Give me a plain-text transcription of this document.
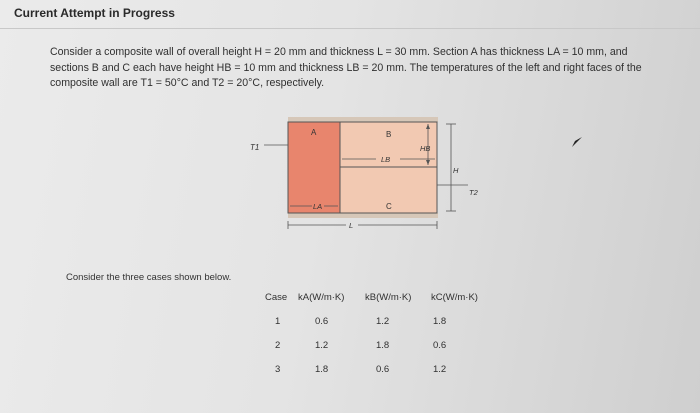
Current Attempt in Progress
Consider a composite wall of overall height H = 20 mm and thickness L = 30 mm. Section A has thickness LA = 10 mm, and
sections B and C each have height HB = 10 mm and thickness LB = 20 mm. The temperatures of the left and right faces of the
composite wall are T1 = 50°C and T2 = 20°C, respectively.
T1
A	B
C
LB
HB
H
T2
LA
L
Consider the three cases shown below.
Case kA(W/m·K) kB(W/m·K) kC(W/m·K)
1	0.6	1.2	1.8
2	1.2	1.8	0.6
3	1.8	0.6	1.2
